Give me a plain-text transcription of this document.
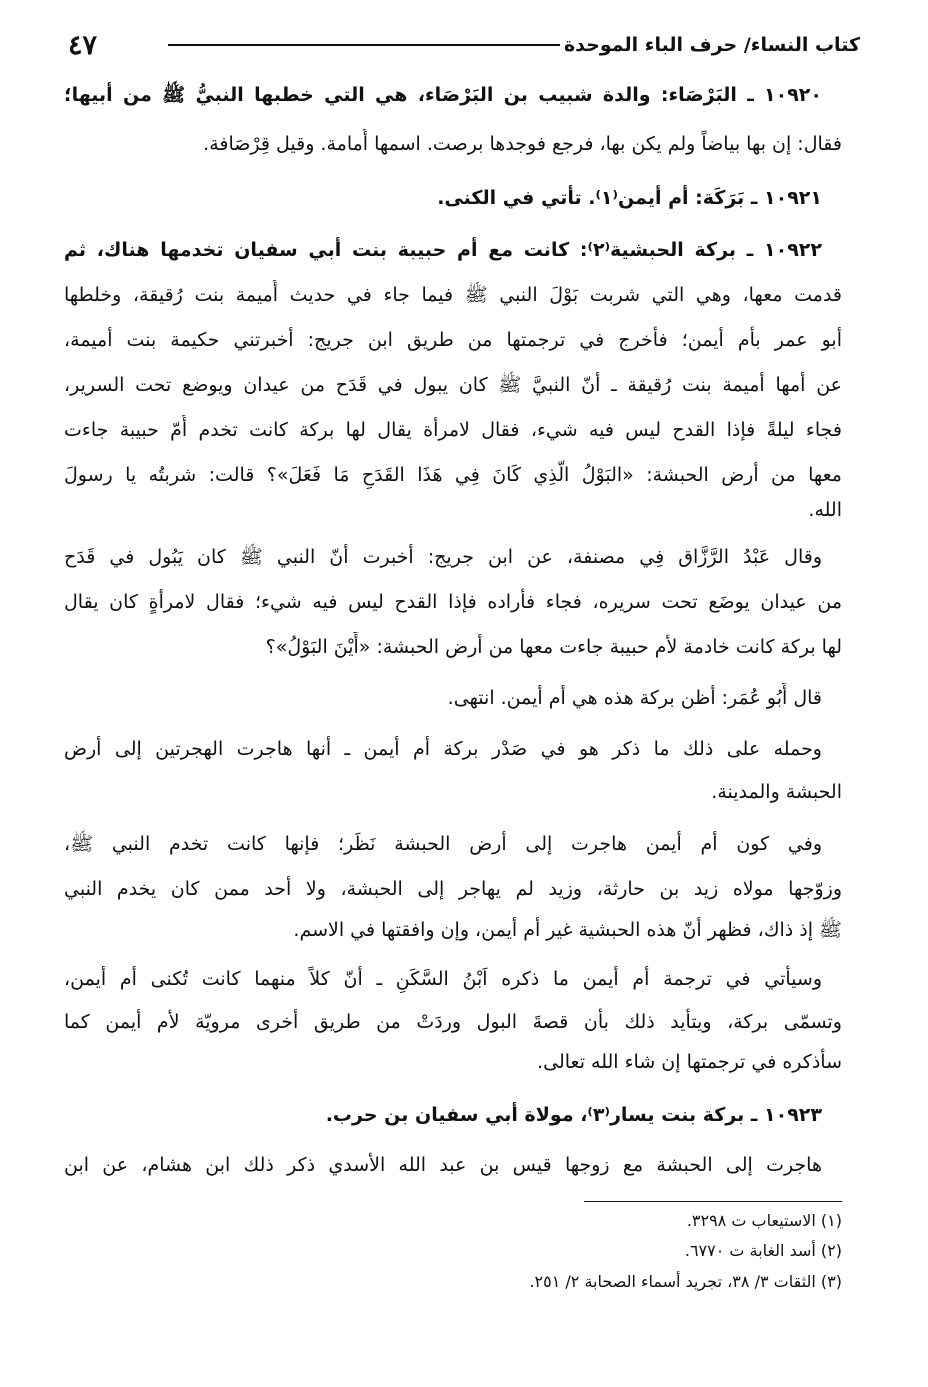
كتاب النساء/ حرف الباء الموحدة
٤٧
١٠٩٢٠ ـ البَرْصَاء: والدة شبيب بن البَرْصَاء، هي التي خطبها النبيُّ ﷺ من أبيها؛
فقال: إن بها بياضاً ولم يكن بها، فرجع فوجدها برصت. اسمها أُمامة. وقيل قِرْصَافة.
١٠٩٢١ ـ بَرَكَة: أم أيمن⁽١⁾. تأتي في الكنى.
١٠٩٢٢ ـ بركة الحبشية⁽٢⁾: كانت مع أم حبيبة بنت أبي سفيان تخدمها هناك، ثم
قدمت معها، وهي التي شربت بَوْلَ النبي ﷺ فيما جاء في حديث أُميمة بنت رُقيقة، وخلطها
أبو عمر بأم أيمن؛ فأخرج في ترجمتها من طريق ابن جريج: أخبرتني حكيمة بنت أميمة،
عن أمها أميمة بنت رُقيقة ـ أنّ النبيَّ ﷺ كان يبول في قَدَح من عيدان ويوضع تحت السرير،
فجاء ليلةً فإذا القدح ليس فيه شيء، فقال لامرأة يقال لها بركة كانت تخدم أُمّ حبيبة جاءت
معها من أرض الحبشة: «البَوْلُ الَّذِي كَانَ فِي هَذَا القَدَحِ مَا فَعَلَ»؟ قالت: شربتُه يا رسولَ
الله.
وقال عَبْدُ الرَّزَّاق فِي مصنفة، عن ابن جريج: أخبرت أنّ النبي ﷺ كان يَبُول في قَدَح
من عيدان يوضَع تحت سريره، فجاء فأراده فإذا القدح ليس فيه شيء؛ فقال لامرأةٍ كان يقال
لها بركة كانت خادمة لأم حبيبة جاءت معها من أرض الحبشة: «أَيْنَ البَوْلُ»؟
قال أَبُو عُمَر: أظن بركة هذه هي أم أيمن. انتهى.
وحمله على ذلك ما ذكر هو في صَدْر بركة أم أيمن ـ أنها هاجرت الهجرتين إلى أرض
الحبشة والمدينة.
وفي كون أم أيمن هاجرت إلى أرض الحبشة نَظَر؛ فإنها كانت تخدم النبي ﷺ،
وزوّجها مولاه زيد بن حارثة، وزيد لم يهاجر إلى الحبشة، ولا أحد ممن كان يخدم النبي
ﷺ إذ ذاك، فظهر أنّ هذه الحبشية غير أم أيمن، وإن وافقتها في الاسم.
وسيأتي في ترجمة أم أيمن ما ذكره اَبْنُ السَّكَنِ ـ أنّ كلاً منهما كانت تُكنى أم أيمن،
وتسمّى بركة، ويتأيد ذلك بأن قصةَ البول وردَتْ من طريق أخرى مرويّة لأم أيمن كما
سأذكره في ترجمتها إن شاء الله تعالى.
١٠٩٢٣ ـ بركة بنت يسار⁽٣⁾، مولاة أبي سفيان بن حرب.
هاجرت إلى الحبشة مع زوجها قيس بن عبد الله الأسدي ذكر ذلك ابن هشام، عن ابن
(١) الاستيعاب ت ٣٢٩٨.
(٢) أسد الغابة ت ٦٧٧٠.
(٣) الثقات ٣/ ٣٨، تجريد أسماء الصحابة ٢/ ٢٥١.
